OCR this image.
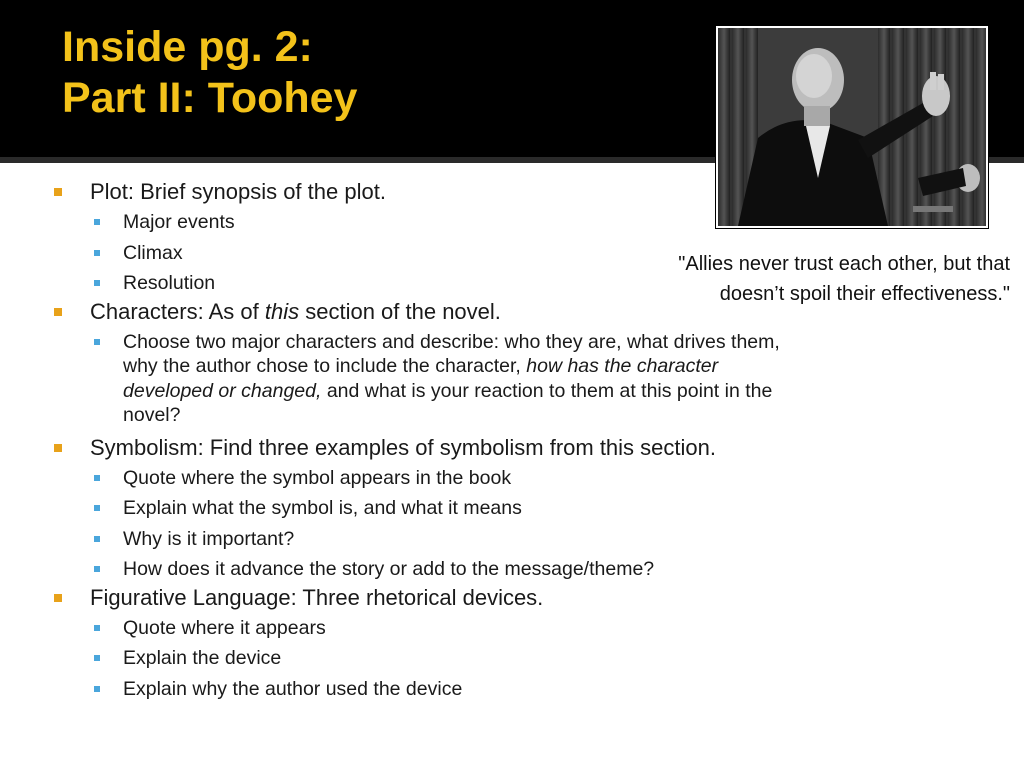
Inside pg. 2:
Part II: Toohey
"Allies never trust each other, but that
doesn’t spoil their effectiveness."
Plot: Brief synopsis of the plot.
Major events
Climax
Resolution
Characters: As of this section of the novel.
Choose two major characters and describe: who they are, what drives them, why the author chose to include the character, how has the character developed or changed, and what is your reaction to them at this point in the novel?
Symbolism: Find three examples of symbolism from this section.
Quote where the symbol appears in the book
Explain what the symbol is, and what it means
Why is it important?
How does it advance the story or add to the message/theme?
Figurative Language: Three rhetorical devices.
Quote where it appears
Explain the device
Explain why the author used the device
